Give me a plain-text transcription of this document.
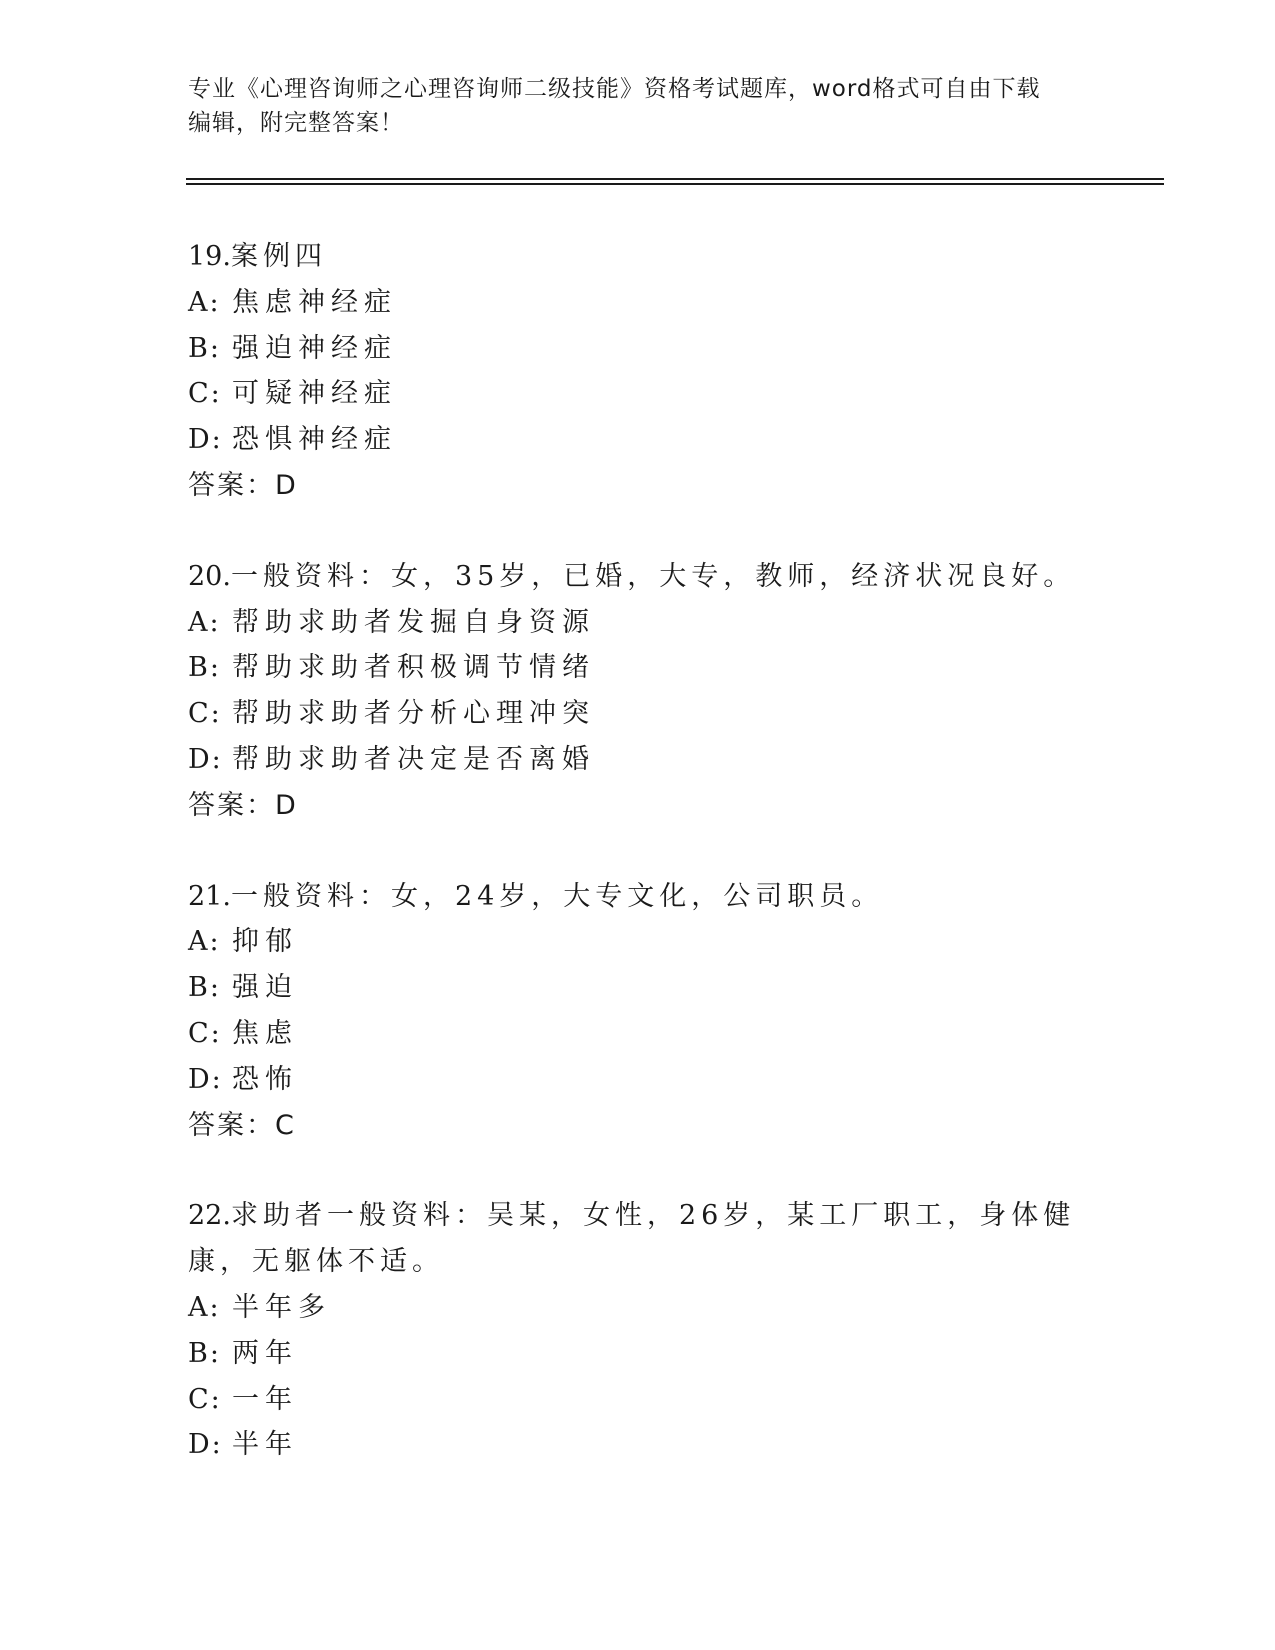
专业《心理咨询师之心理咨询师二级技能》资格考试题库，word格式可自由下载
编辑，附完整答案！
19.案例四
A: 焦虑神经症
B: 强迫神经症
C: 可疑神经症
D: 恐惧神经症
答案：D
20.一般资料：女，35岁，已婚，大专，教师，经济状况良好。
A: 帮助求助者发掘自身资源
B: 帮助求助者积极调节情绪
C: 帮助求助者分析心理冲突
D: 帮助求助者决定是否离婚
答案：D
21.一般资料：女，24岁，大专文化，公司职员。
A: 抑郁
B: 强迫
C: 焦虑
D: 恐怖
答案：C
22.求助者一般资料：吴某，女性，26岁，某工厂职工，身体健康，无躯体不适。
A: 半年多
B: 两年
C: 一年
D: 半年
